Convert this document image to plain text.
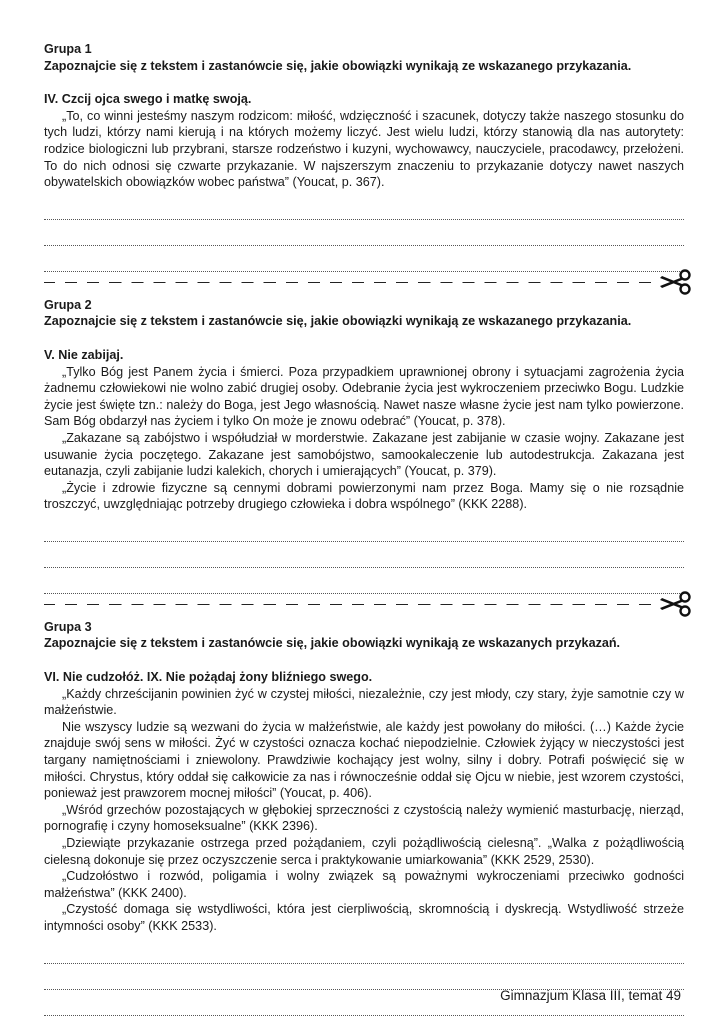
Grupa 1
Zapoznajcie się z tekstem i zastanówcie się, jakie obowiązki wynikają ze wskazanego przykazania.
IV. Czcij ojca swego i matkę swoją.

„To, co winni jesteśmy naszym rodzicom: miłość, wdzięczność i szacunek, dotyczy także naszego stosunku do tych ludzi, którzy nami kierują i na których możemy liczyć. Jest wielu ludzi, którzy stanowią dla nas autorytety: rodzice biologiczni lub przybrani, starsze rodzeństwo i kuzyni, wychowawcy, nauczyciele, pracodawcy, przełożeni. To do nich odnosi się czwarte przykazanie. W najszerszym znaczeniu to przykazanie dotyczy nawet naszych obywatelskich obowiązków wobec państwa” (Youcat, p. 367).

Grupa 2
Zapoznajcie się z tekstem i zastanówcie się, jakie obowiązki wynikają ze wskazanego przykazania.
V. Nie zabijaj.

„Tylko Bóg jest Panem życia i śmierci. Poza przypadkiem uprawnionej obrony i sytuacjami zagrożenia życia żadnemu człowiekowi nie wolno zabić drugiej osoby. Odebranie życia jest wykroczeniem przeciwko Bogu. Ludzkie życie jest święte tzn.: należy do Boga, jest Jego własnością. Nawet nasze własne życie jest nam tylko powierzone. Sam Bóg obdarzył nas życiem i tylko On może je znowu odebrać” (Youcat, p. 378).

„Zakazane są zabójstwo i współudział w morderstwie. Zakazane jest zabijanie w czasie wojny. Zakazane jest usuwanie życia poczętego. Zakazane jest samobójstwo, samookaleczenie lub autodestrukcja. Zakazana jest eutanazja, czyli zabijanie ludzi kalekich, chorych i umierających” (Youcat, p. 379).

„Życie i zdrowie fizyczne są cennymi dobrami powierzonymi nam przez Boga. Mamy się o nie rozsądnie troszczyć, uwzględniając potrzeby drugiego człowieka i dobra wspólnego” (KKK 2288).

Grupa 3
Zapoznajcie się z tekstem i zastanówcie się, jakie obowiązki wynikają ze wskazanych przykazań.
VI. Nie cudzołóż. IX. Nie pożądaj żony bliźniego swego.

„Każdy chrześcijanin powinien żyć w czystej miłości, niezależnie, czy jest młody, czy stary, żyje samotnie czy w małżeństwie.

Nie wszyscy ludzie są wezwani do życia w małżeństwie, ale każdy jest powołany do miłości. (…) Każde życie znajduje swój sens w miłości. Żyć w czystości oznacza kochać niepodzielnie. Człowiek żyjący w nieczystości jest targany namiętnościami i zniewolony. Prawdziwie kochający jest wolny, silny i dobry. Potrafi poświęcić się w miłości. Chrystus, który oddał się całkowicie za nas i równocześnie oddał się Ojcu w niebie, jest wzorem czystości, ponieważ jest prawzorem mocnej miłości” (Youcat, p. 406).

„Wśród grzechów pozostających w głębokiej sprzeczności z czystością należy wymienić masturbację, nierząd, pornografię i czyny homoseksualne” (KKK 2396).

„Dziewiąte przykazanie ostrzega przed pożądaniem, czyli pożądliwością cielesną”. „Walka z pożądliwością cielesną dokonuje się przez oczyszczenie serca i praktykowanie umiarkowania” (KKK 2529, 2530).

„Cudzołóstwo i rozwód, poligamia i wolny związek są poważnymi wykroczeniami przeciwko godności małżeństwa” (KKK 2400).

„Czystość domaga się wstydliwości, która jest cierpliwością, skromnością i dyskrecją. Wstydliwość strzeże intymności osoby” (KKK 2533).

Gimnazjum Klasa III, temat 49
